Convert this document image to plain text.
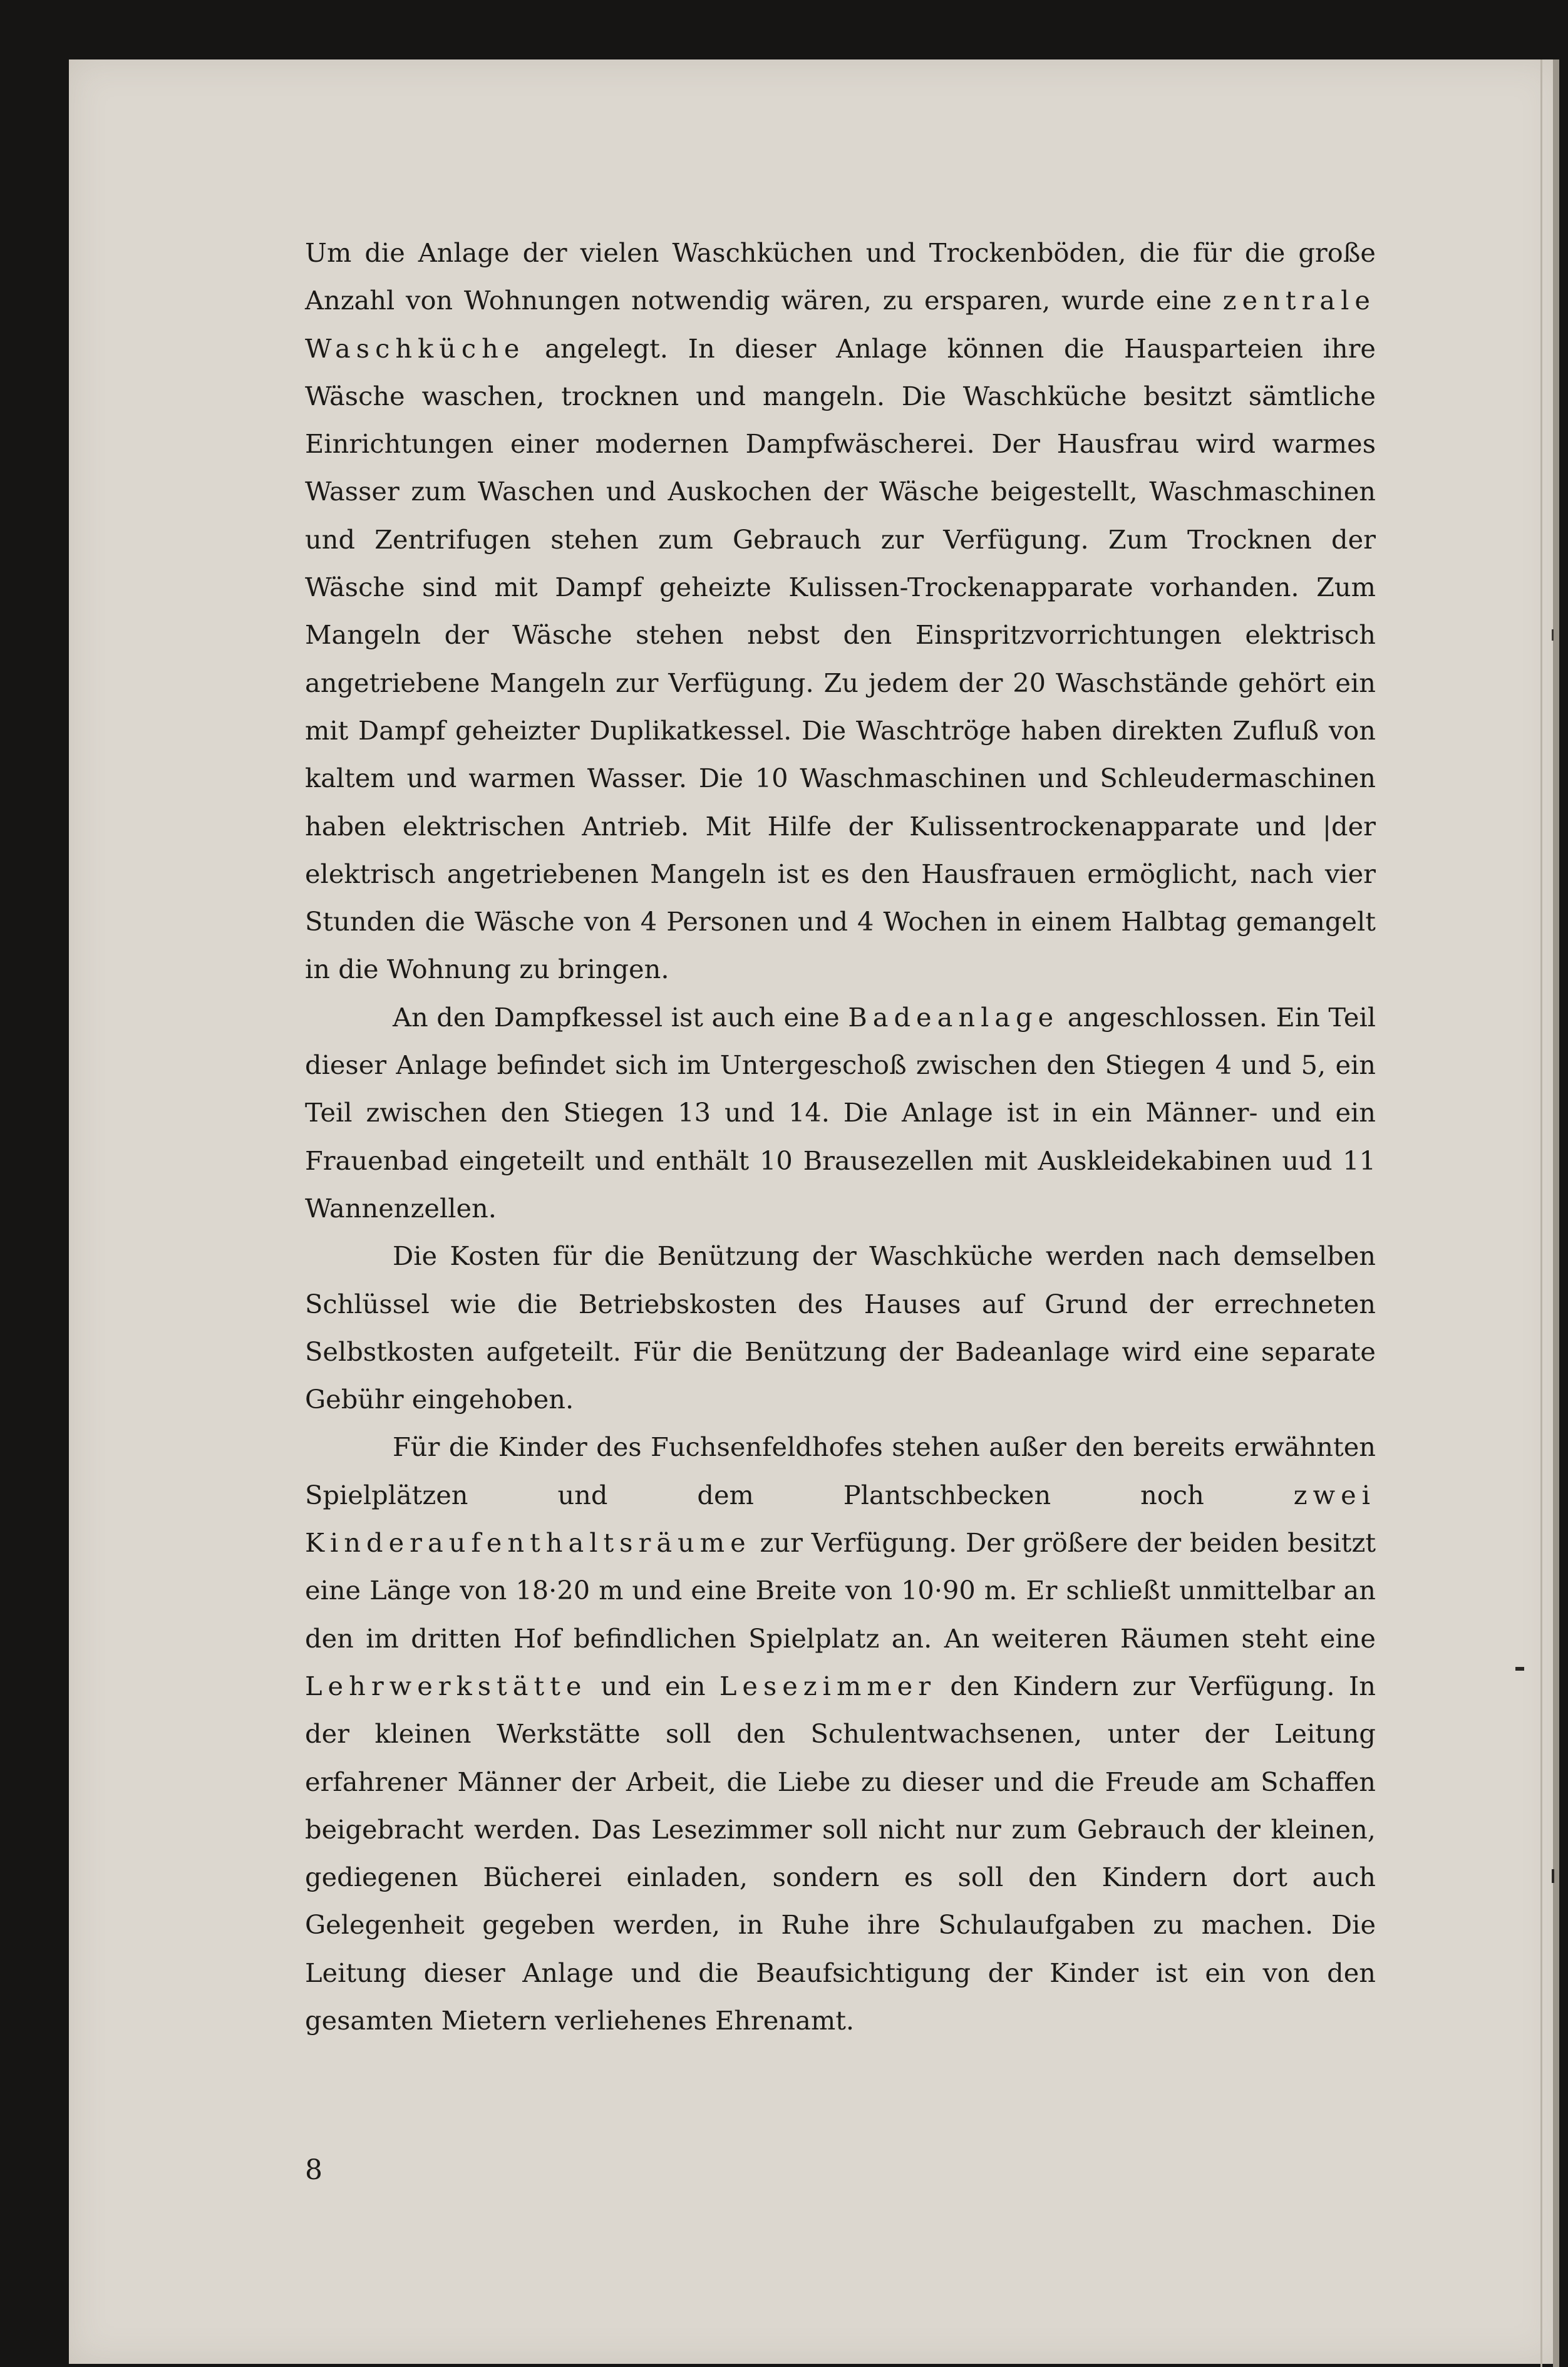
Um die Anlage der vielen Waschküchen und Trockenböden, die für die große Anzahl von Wohnungen notwendig wären, zu ersparen, wurde eine zentrale Waschküche angelegt. In dieser Anlage können die Hausparteien ihre Wäsche waschen, trocknen und mangeln. Die Waschküche besitzt sämtliche Einrichtungen einer modernen Dampfwäscherei. Der Hausfrau wird warmes Wasser zum Waschen und Auskochen der Wäsche beigestellt, Waschmaschinen und Zentrifugen stehen zum Gebrauch zur Verfügung. Zum Trocknen der Wäsche sind mit Dampf geheizte Kulissen-Trockenapparate vorhanden. Zum Mangeln der Wäsche stehen nebst den Einspritzvorrichtungen elektrisch angetriebene Mangeln zur Verfügung. Zu jedem der 20 Waschstände gehört ein mit Dampf geheizter Duplikatkessel. Die Waschtröge haben direkten Zufluß von kaltem und warmen Wasser. Die 10 Waschmaschinen und Schleudermaschinen haben elektrischen Antrieb. Mit Hilfe der Kulissentrockenapparate und |der elektrisch angetriebenen Mangeln ist es den Hausfrauen ermöglicht, nach vier Stunden die Wäsche von 4 Personen und 4 Wochen in einem Halbtag gemangelt in die Wohnung zu bringen.

An den Dampfkessel ist auch eine Badeanlage angeschlossen. Ein Teil dieser Anlage befindet sich im Untergeschoß zwischen den Stiegen 4 und 5, ein Teil zwischen den Stiegen 13 und 14. Die Anlage ist in ein Männer- und ein Frauenbad eingeteilt und enthält 10 Brausezellen mit Auskleidekabinen uud 11 Wannenzellen.

Die Kosten für die Benützung der Waschküche werden nach demselben Schlüssel wie die Betriebskosten des Hauses auf Grund der errechneten Selbstkosten aufgeteilt. Für die Benützung der Badeanlage wird eine separate Gebühr eingehoben.

Für die Kinder des Fuchsenfeldhofes stehen außer den bereits erwähnten Spielplätzen und dem Plantschbecken noch zwei Kinderaufenthaltsräume zur Verfügung. Der größere der beiden besitzt eine Länge von 18·20 m und eine Breite von 10·90 m. Er schließt unmittelbar an den im dritten Hof befindlichen Spielplatz an. An weiteren Räumen steht eine Lehrwerkstätte und ein Lesezimmer den Kindern zur Verfügung. In der kleinen Werkstätte soll den Schulentwachsenen, unter der Leitung erfahrener Männer der Arbeit, die Liebe zu dieser und die Freude am Schaffen beigebracht werden. Das Lesezimmer soll nicht nur zum Gebrauch der kleinen, gediegenen Bücherei einladen, sondern es soll den Kindern dort auch Gelegenheit gegeben werden, in Ruhe ihre Schulaufgaben zu machen. Die Leitung dieser Anlage und die Beaufsichtigung der Kinder ist ein von den gesamten Mietern verliehenes Ehrenamt.

8
